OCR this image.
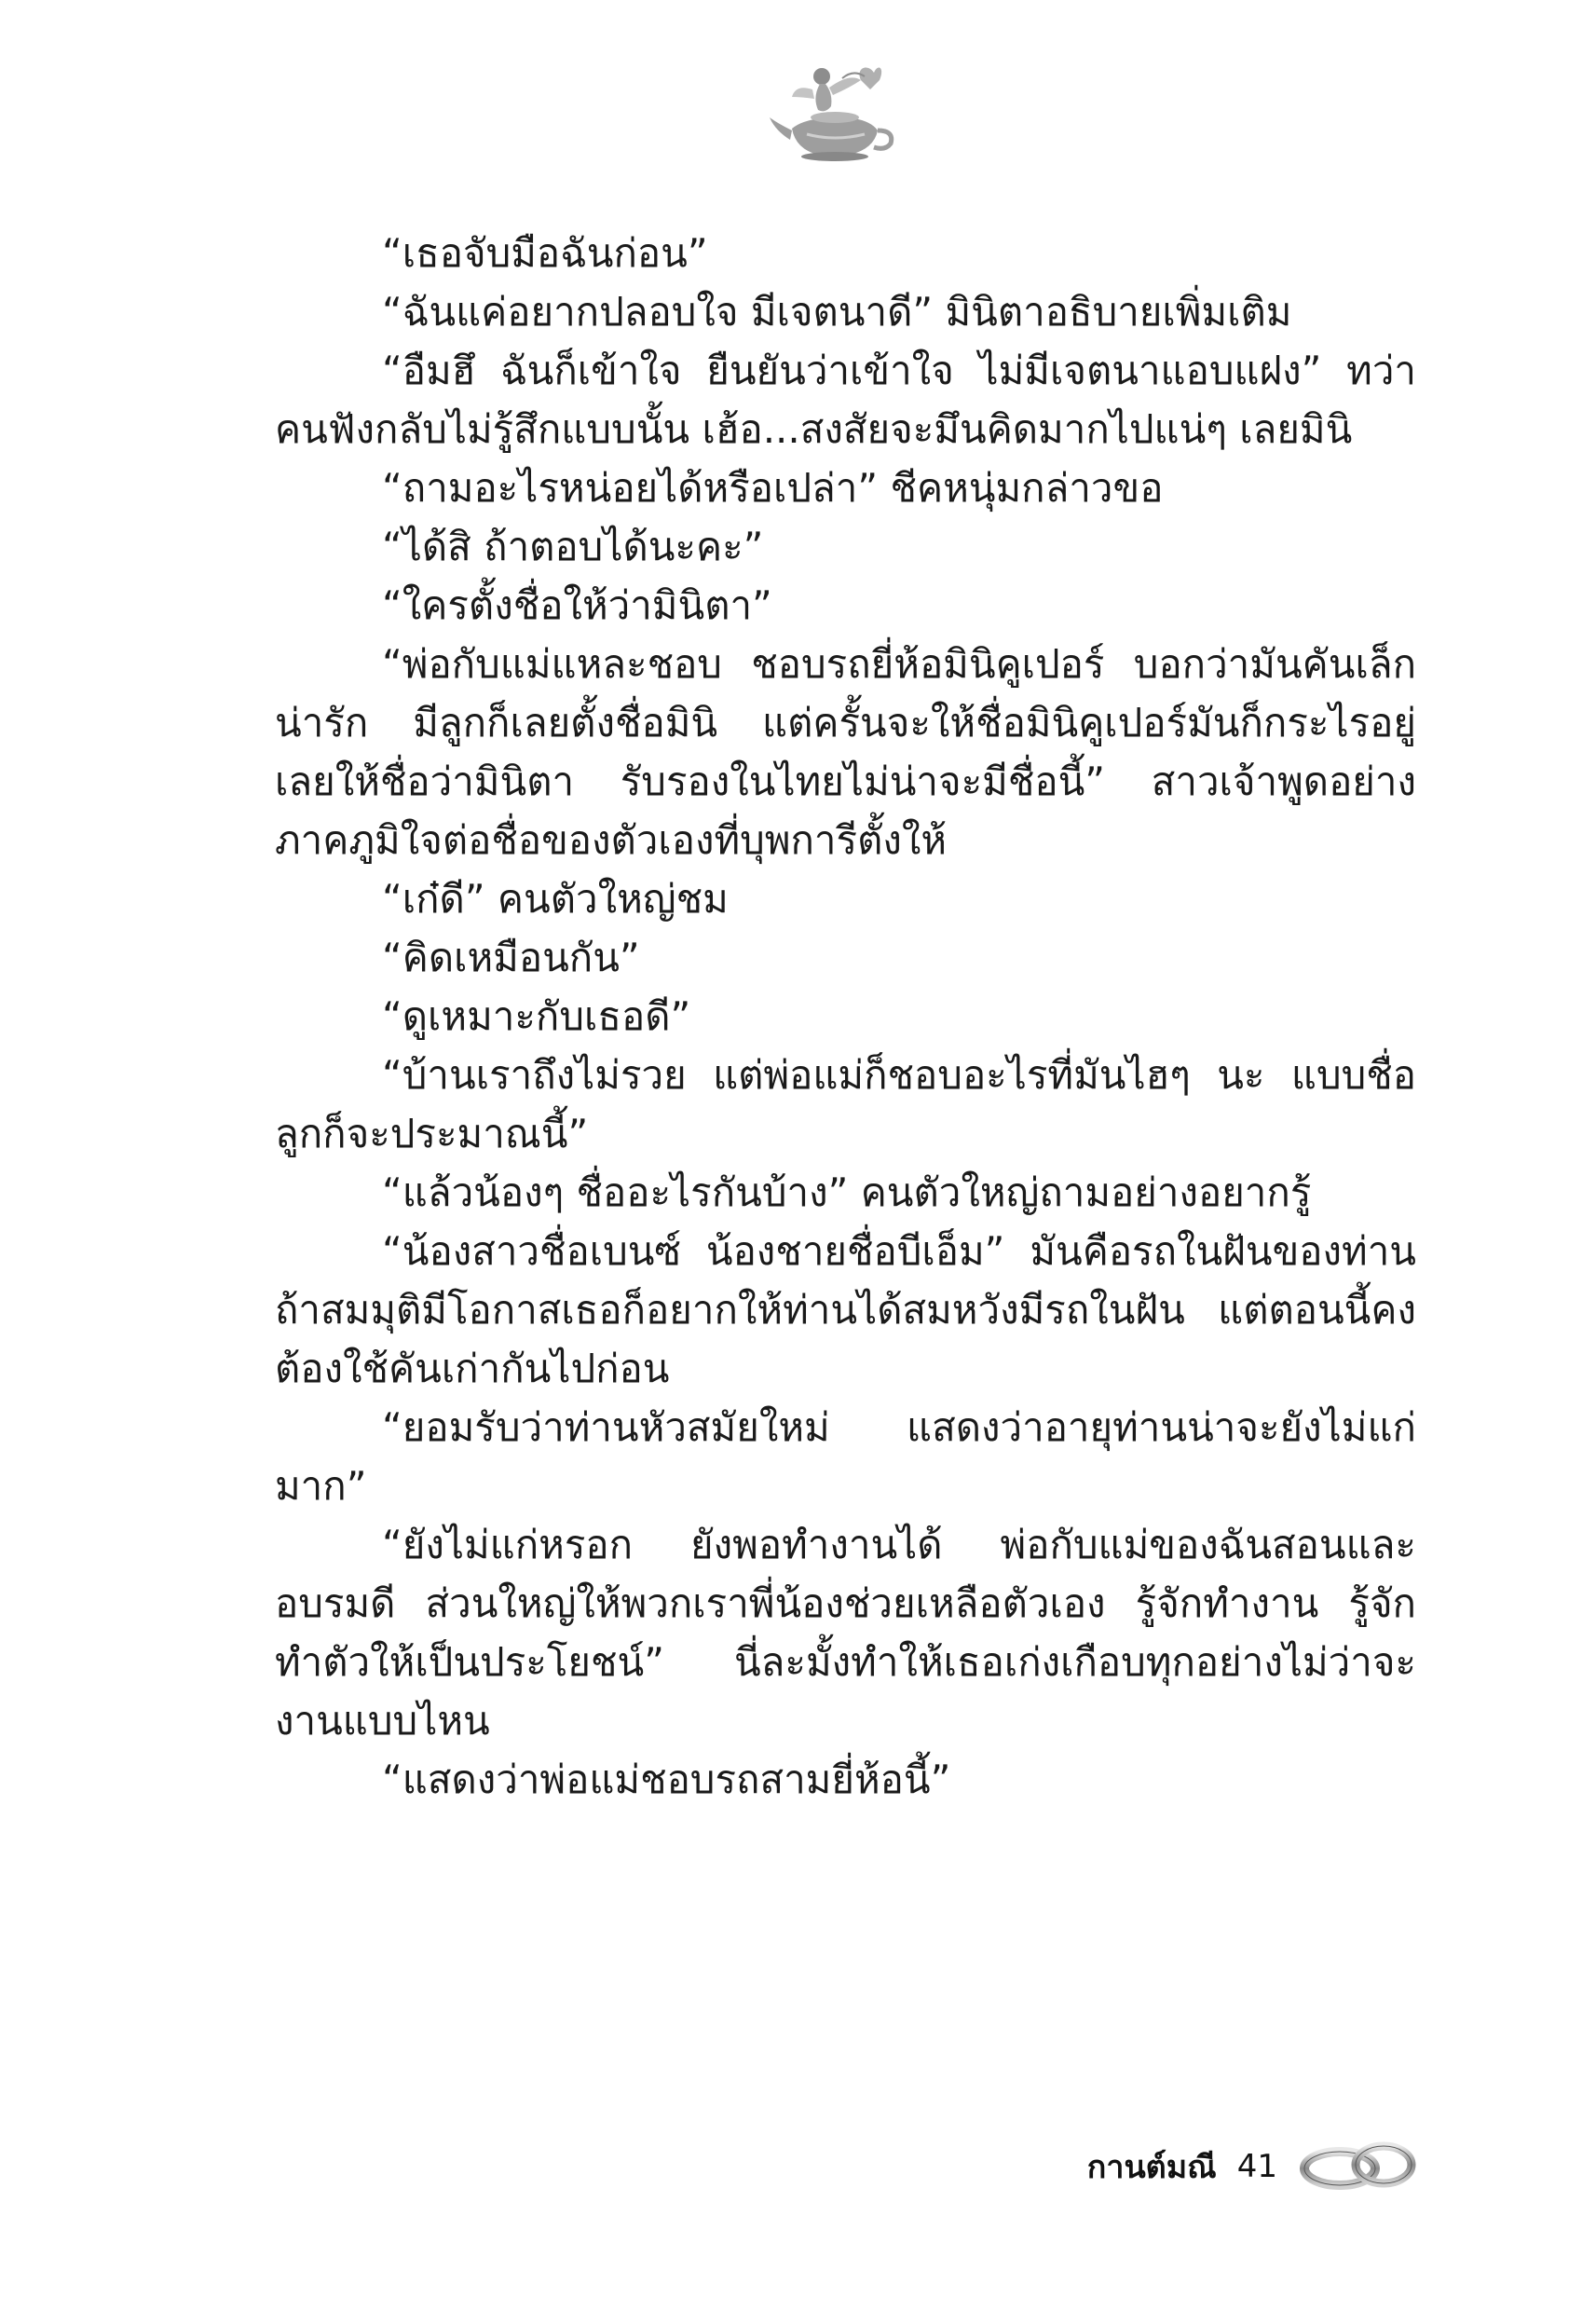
“เธอจับมือฉันก่อน”

“ฉันแค่อยากปลอบใจ มีเจตนาดี” มินิตาอธิบายเพิ่มเติม

“อืมฮึ ฉันก็เข้าใจ ยืนยันว่าเข้าใจ ไม่มีเจตนาแอบแฝง” ทว่าคนฟังกลับไม่รู้สึกแบบนั้น เฮ้อ...สงสัยจะมึนคิดมากไปแน่ๆ เลยมินิ

“ถามอะไรหน่อยได้หรือเปล่า” ชีคหนุ่มกล่าวขอ

“ได้สิ ถ้าตอบได้นะคะ”

“ใครตั้งชื่อให้ว่ามินิตา”

“พ่อกับแม่แหละชอบ ชอบรถยี่ห้อมินิคูเปอร์ บอกว่ามันคันเล็กน่ารัก มีลูกก็เลยตั้งชื่อมินิ แต่ครั้นจะให้ชื่อมินิคูเปอร์มันก็กระไรอยู่ เลยให้ชื่อว่ามินิตา รับรองในไทยไม่น่าจะมีชื่อนี้” สาวเจ้าพูดอย่างภาคภูมิใจต่อชื่อของตัวเองที่บุพการีตั้งให้

“เก๋ดี” คนตัวใหญ่ชม

“คิดเหมือนกัน”

“ดูเหมาะกับเธอดี”

“บ้านเราถึงไม่รวย แต่พ่อแม่ก็ชอบอะไรที่มันไฮๆ นะ แบบชื่อลูกก็จะประมาณนี้”

“แล้วน้องๆ ชื่ออะไรกันบ้าง” คนตัวใหญ่ถามอย่างอยากรู้

“น้องสาวชื่อเบนซ์ น้องชายชื่อบีเอ็ม” มันคือรถในฝันของท่าน ถ้าสมมุติมีโอกาสเธอก็อยากให้ท่านได้สมหวังมีรถในฝัน แต่ตอนนี้คงต้องใช้คันเก่ากันไปก่อน

“ยอมรับว่าท่านหัวสมัยใหม่ แสดงว่าอายุท่านน่าจะยังไม่แก่มาก”

“ยังไม่แก่หรอก ยังพอทำงานได้ พ่อกับแม่ของฉันสอนและอบรมดี ส่วนใหญ่ให้พวกเราพี่น้องช่วยเหลือตัวเอง รู้จักทำงาน รู้จักทำตัวให้เป็นประโยชน์” นี่ละมั้งทำให้เธอเก่งเกือบทุกอย่างไม่ว่าจะงานแบบไหน

“แสดงว่าพ่อแม่ชอบรถสามยี่ห้อนี้”

กานต์มณี 41
